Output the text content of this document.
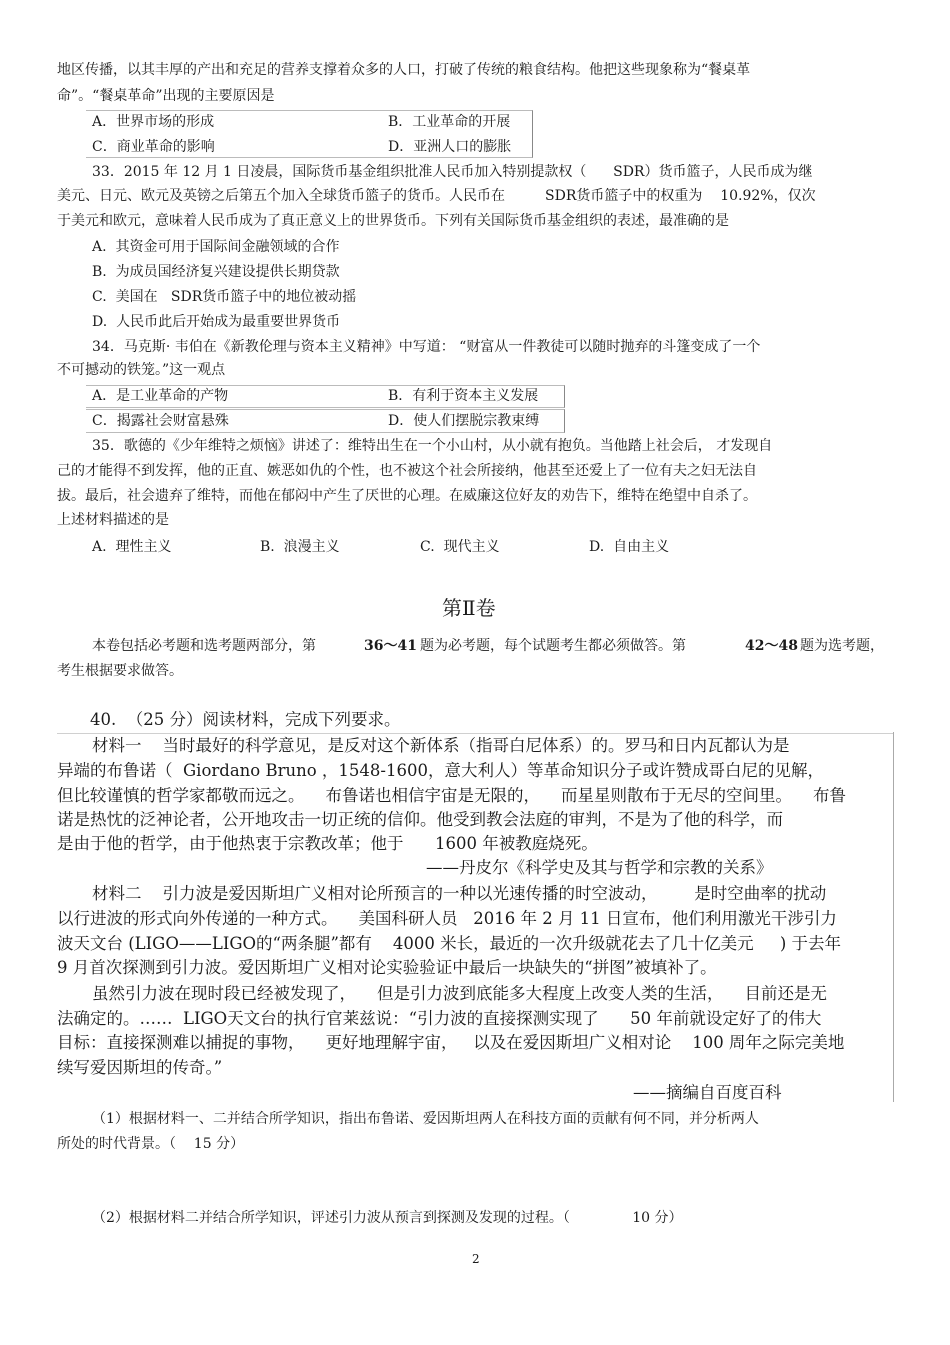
地区传播，以其丰厚的产出和充足的营养支撑着众多的人口，打破了传统的粮食结构。他把这些现象称为“餐桌革
命”。“餐桌革命”出现的主要原因是
A．世界市场的形成	B．工业革命的开展
C．商业革命的影响	D．亚洲人口的膨胀
33．2015 年 12 月 1 日凌晨，国际货币基金组织批准人民币加入特别提款权（      SDR）货币篮子，人民币成为继
美元、日元、欧元及英镑之后第五个加入全球货币篮子的货币。人民币在         SDR货币篮子中的权重为    10.92%，仅次
于美元和欧元，意味着人民币成为了真正意义上的世界货币。下列有关国际货币基金组织的表述，最准确的是
A.  其资金可用于国际间金融领域的合作
B.  为成员国经济复兴建设提供长期贷款
C.  美国在   SDR货币篮子中的地位被动摇
D.  人民币此后开始成为最重要世界货币
34．马克斯· 韦伯在《新教伦理与资本主义精神》中写道： “财富从一件教徒可以随时抛弃的斗篷变成了一个
不可撼动的铁笼。”这一观点
A．是工业革命的产物	B．有利于资本主义发展
C．揭露社会财富悬殊	D．使人们摆脱宗教束缚
35．歌德的《少年维特之烦恼》讲述了：维特出生在一个小山村，从小就有抱负。当他踏上社会后， 才发现自
己的才能得不到发挥，他的正直、嫉恶如仇的个性，也不被这个社会所接纳，他甚至还爱上了一位有夫之妇无法自
拔。最后，社会遗弃了维特，而他在郁闷中产生了厌世的心理。在威廉这位好友的劝告下，维特在绝望中自杀了。
上述材料描述的是
A.  理性主义	B.  浪漫主义	C.  现代主义	D.  自由主义
第Ⅱ卷
本卷包括必考题和选考题两部分，第	36～41 题为必考题，每个试题考生都必须做答。第	42～48 题为选考题，
考生根据要求做答。
40.  （25 分）阅读材料，完成下列要求。
材料一    当时最好的科学意见，是反对这个新体系（指哥白尼体系）的。罗马和日内瓦都认为是
异端的布鲁诺（  Giordano Bruno ，1548-1600，意大利人）等革命知识分子或许赞成哥白尼的见解，
但比较谨慎的哲学家都敬而远之。    布鲁诺也相信宇宙是无限的，    而星星则散布于无尽的空间里。    布鲁
诺是热忱的泛神论者，公开地攻击一切正统的信仰。他受到教会法庭的审判，不是为了他的科学，而
是由于他的哲学，由于他热衷于宗教改革；他于      1600 年被教庭烧死。
——丹皮尔《科学史及其与哲学和宗教的关系》
材料二    引力波是爱因斯坦广义相对论所预言的一种以光速传播的时空波动，       是时空曲率的扰动
以行进波的形式向外传递的一种方式。    美国科研人员   2016 年 2 月 11 日宣布，他们利用激光干涉引力
波天文台 (LIGO——LIGO的“两条腿”都有    4000 米长，最近的一次升级就花去了几十亿美元     ) 于去年
9 月首次探测到引力波。爱因斯坦广义相对论实验验证中最后一块缺失的“拼图”被填补了。
虽然引力波在现时段已经被发现了，    但是引力波到底能多大程度上改变人类的生活，    目前还是无
法确定的。……  LIGO天文台的执行官莱兹说：“引力波的直接探测实现了      50 年前就设定好了的伟大
目标：直接探测难以捕捉的事物，    更好地理解宇宙，   以及在爱因斯坦广义相对论    100 周年之际完美地
续写爱因斯坦的传奇。”
——摘编自百度百科
（1）根据材料一、二并结合所学知识，指出布鲁诺、爱因斯坦两人在科技方面的贡献有何不同，并分析两人
所处的时代背景。（    15 分）
（2）根据材料二并结合所学知识，评述引力波从预言到探测及发现的过程。（              10 分）
2
